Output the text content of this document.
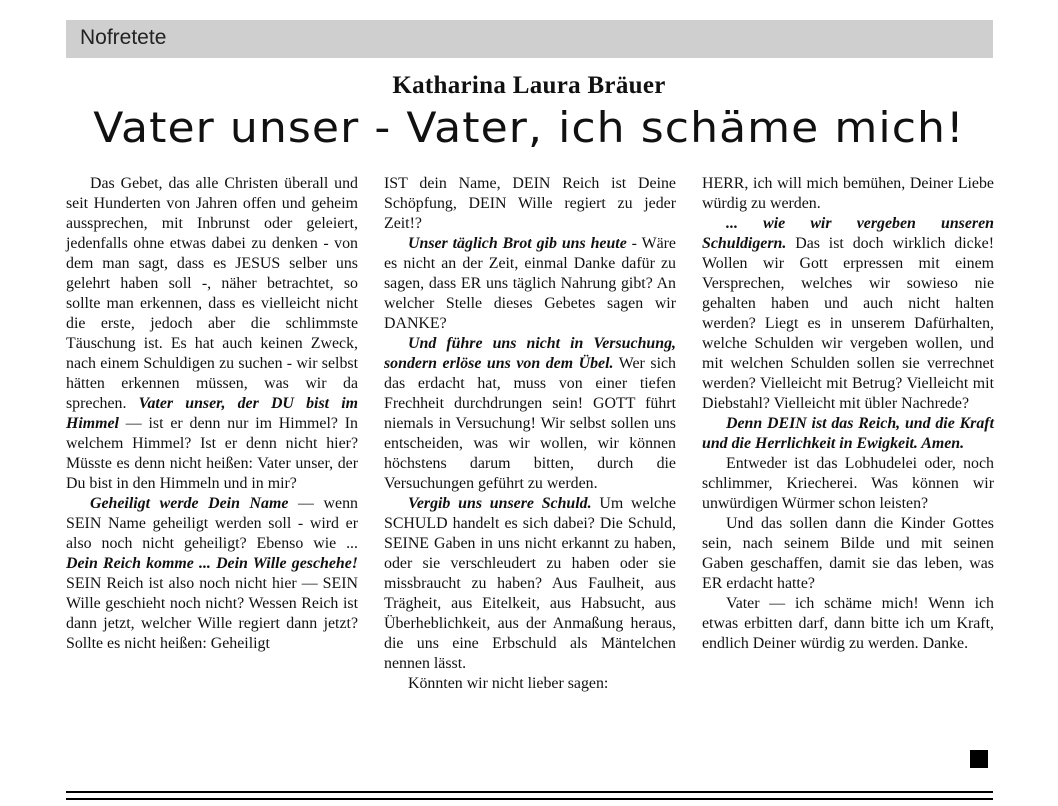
Nofretete
Katharina Laura Bräuer
Vater unser - Vater, ich schäme mich!

Das Gebet, das alle Christen überall und seit Hunderten von Jahren offen und geheim aussprechen, mit Inbrunst oder geleiert, jedenfalls ohne etwas dabei zu denken - von dem man sagt, dass es JESUS selber uns gelehrt haben soll -, näher betrachtet, so sollte man erkennen, dass es vielleicht nicht die erste, jedoch aber die schlimmste Täuschung ist. Es hat auch keinen Zweck, nach einem Schuldigen zu suchen - wir selbst hätten erkennen müssen, was wir da sprechen. Vater unser, der DU bist im Himmel — ist er denn nur im Himmel? In welchem Himmel? Ist er denn nicht hier? Müsste es denn nicht heißen: Vater unser, der Du bist in den Himmeln und in mir?

Geheiligt werde Dein Name — wenn SEIN Name geheiligt werden soll - wird er also noch nicht geheiligt? Ebenso wie ... Dein Reich komme ... Dein Wille geschehe! SEIN Reich ist also noch nicht hier — SEIN Wille geschieht noch nicht? Wessen Reich ist dann jetzt, welcher Wille regiert dann jetzt? Sollte es nicht heißen: Geheiligt

IST dein Name, DEIN Reich ist Deine Schöpfung, DEIN Wille regiert zu jeder Zeit!?

Unser täglich Brot gib uns heute - Wäre es nicht an der Zeit, einmal Danke dafür zu sagen, dass ER uns täglich Nahrung gibt? An welcher Stelle dieses Gebetes sagen wir DANKE?

Und führe uns nicht in Versuchung, sondern erlöse uns von dem Übel. Wer sich das erdacht hat, muss von einer tiefen Frechheit durchdrungen sein! GOTT führt niemals in Versuchung! Wir selbst sollen uns entscheiden, was wir wollen, wir können höchstens darum bitten, durch die Versuchungen geführt zu werden.

Vergib uns unsere Schuld. Um welche SCHULD handelt es sich dabei? Die Schuld, SEINE Gaben in uns nicht erkannt zu haben, oder sie verschleudert zu haben oder sie missbraucht zu haben? Aus Faulheit, aus Trägheit, aus Eitelkeit, aus Habsucht, aus Überheblichkeit, aus der Anmaßung heraus, die uns eine Erbschuld als Mäntelchen nennen lässt.

Könnten wir nicht lieber sagen:

HERR, ich will mich bemühen, Deiner Liebe würdig zu werden.

... wie wir vergeben unseren Schuldigern. Das ist doch wirklich dicke! Wollen wir Gott erpressen mit einem Versprechen, welches wir sowieso nie gehalten haben und auch nicht halten werden? Liegt es in unserem Dafürhalten, welche Schulden wir vergeben wollen, und mit welchen Schulden sollen sie verrechnet werden? Vielleicht mit Betrug? Vielleicht mit Diebstahl? Vielleicht mit übler Nachrede?

Denn DEIN ist das Reich, und die Kraft und die Herrlichkeit in Ewigkeit. Amen.

Entweder ist das Lobhudelei oder, noch schlimmer, Kriecherei. Was können wir unwürdigen Würmer schon leisten?

Und das sollen dann die Kinder Gottes sein, nach seinem Bilde und mit seinen Gaben geschaffen, damit sie das leben, was ER erdacht hatte?

Vater — ich schäme mich! Wenn ich etwas erbitten darf, dann bitte ich um Kraft, endlich Deiner würdig zu werden. Danke.
